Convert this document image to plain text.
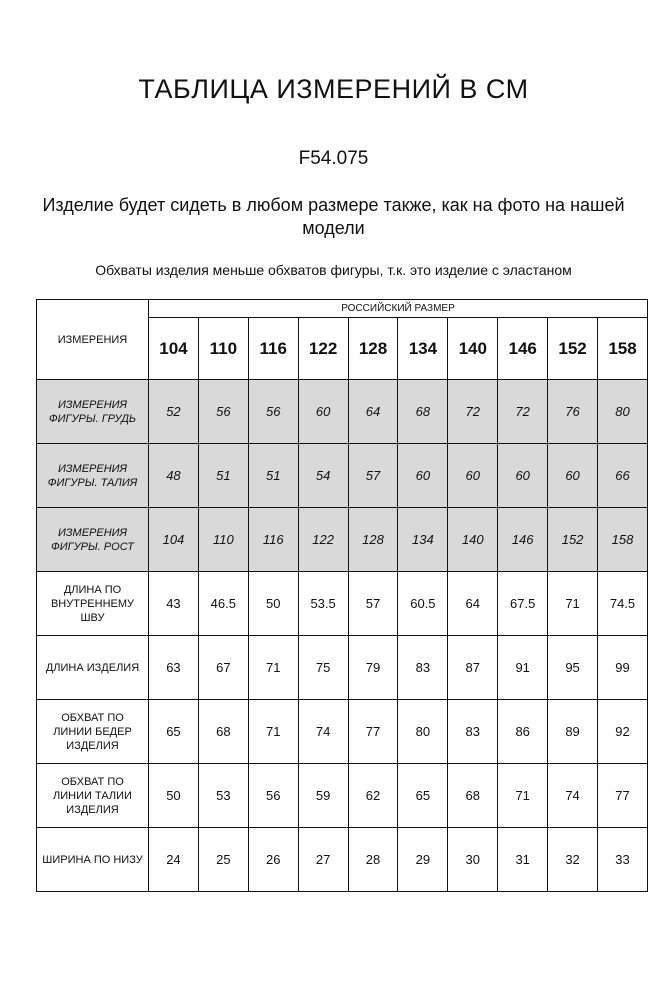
ТАБЛИЦА ИЗМЕРЕНИЙ В СМ
F54.075
Изделие будет сидеть в любом размере также, как на фото на нашей модели
Обхваты изделия меньше обхватов фигуры, т.к. это изделие с эластаном
ИЗМЕРЕНИЯ	РОССИЙСКИЙ РАЗМЕР									
	104	110	116	122	128	134	140	146	152	158
ИЗМЕРЕНИЯ ФИГУРЫ. ГРУДЬ	52	56	56	60	64	68	72	72	76	80
ИЗМЕРЕНИЯ ФИГУРЫ. ТАЛИЯ	48	51	51	54	57	60	60	60	60	66
ИЗМЕРЕНИЯ ФИГУРЫ. РОСТ	104	110	116	122	128	134	140	146	152	158
ДЛИНА ПО ВНУТРЕННЕМУ ШВУ	43	46.5	50	53.5	57	60.5	64	67.5	71	74.5
ДЛИНА ИЗДЕЛИЯ	63	67	71	75	79	83	87	91	95	99
ОБХВАТ ПО ЛИНИИ БЕДЕР ИЗДЕЛИЯ	65	68	71	74	77	80	83	86	89	92
ОБХВАТ ПО ЛИНИИ ТАЛИИ ИЗДЕЛИЯ	50	53	56	59	62	65	68	71	74	77
ШИРИНА ПО НИЗУ	24	25	26	27	28	29	30	31	32	33
